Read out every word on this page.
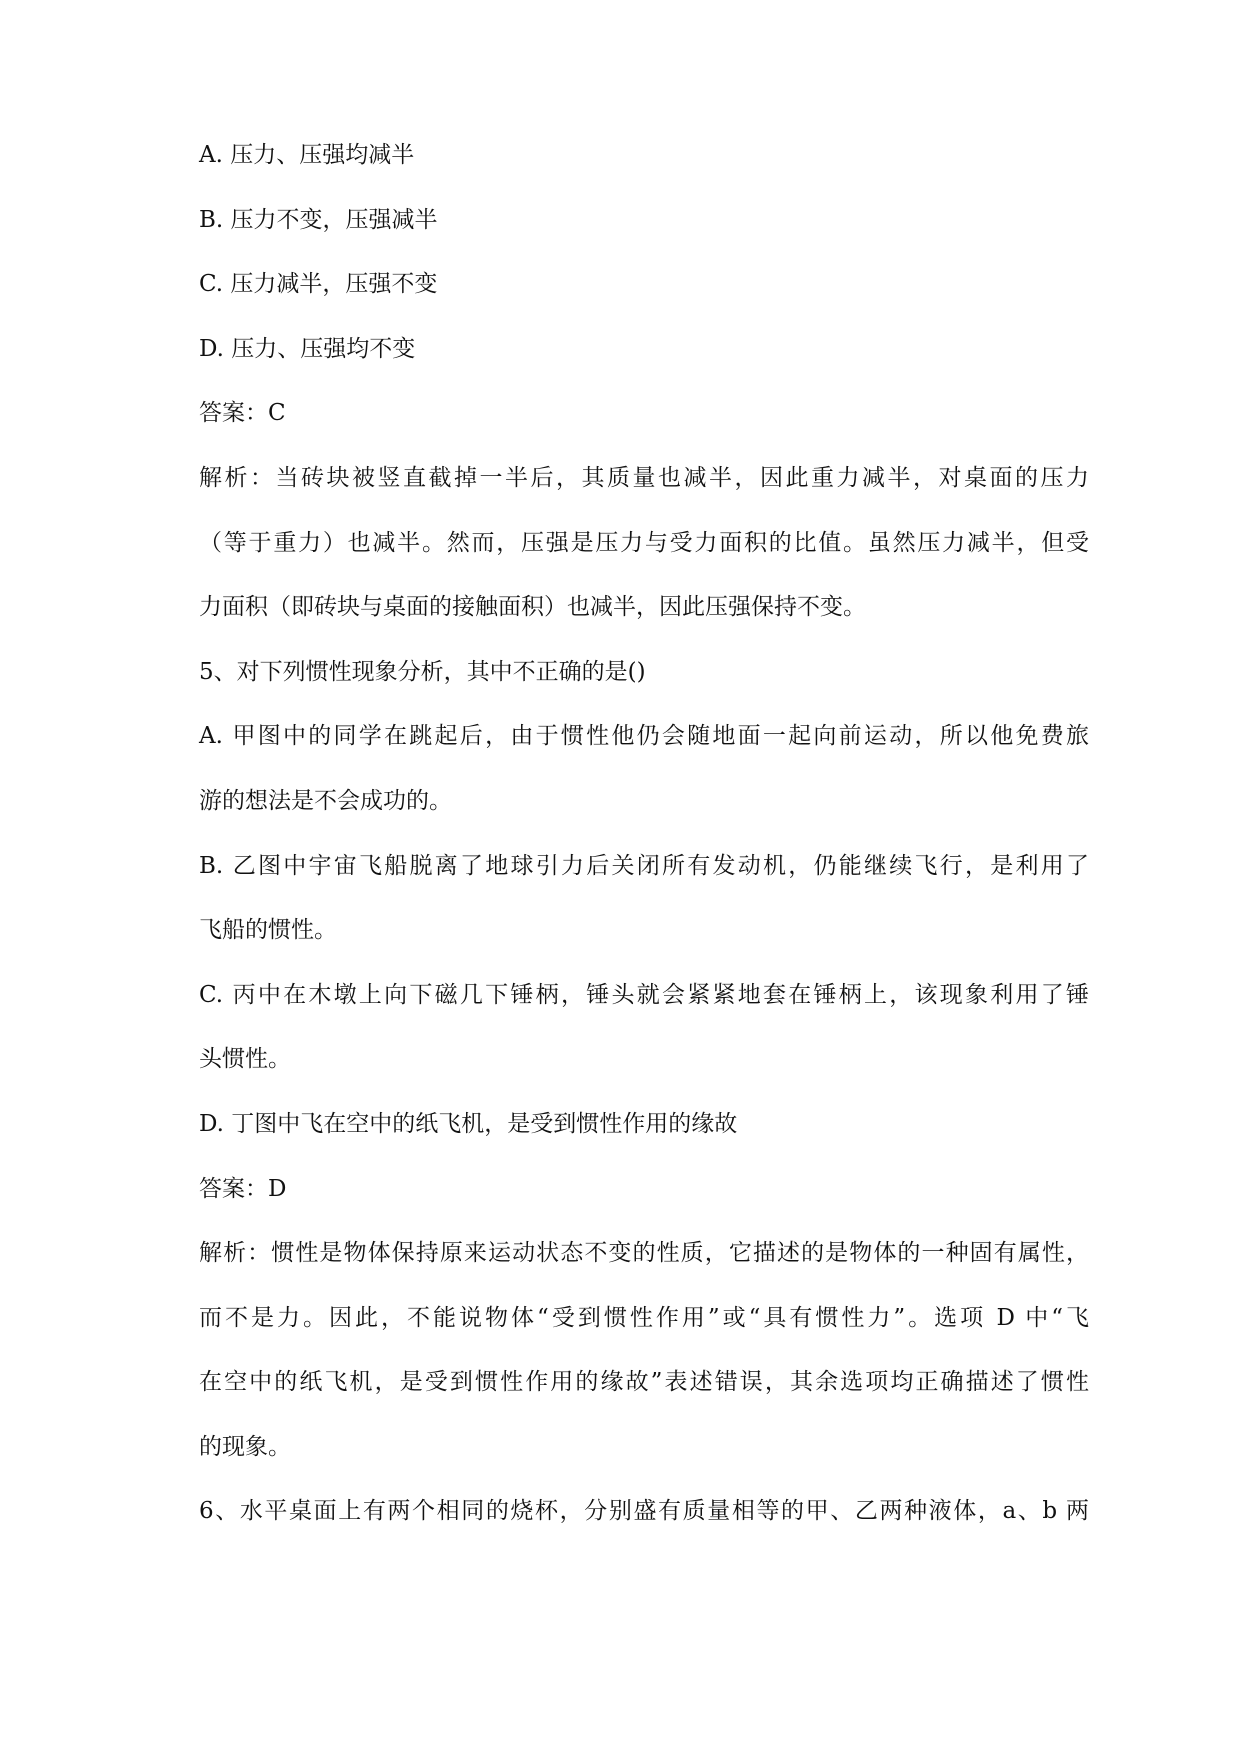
A. 压力、压强均减半
B. 压力不变，压强减半
C. 压力减半，压强不变
D. 压力、压强均不变
答案：C
解析：当砖块被竖直截掉一半后，其质量也减半，因此重力减半，对桌面的压力
（等于重力）也减半。然而，压强是压力与受力面积的比值。虽然压力减半，但受
力面积（即砖块与桌面的接触面积）也减半，因此压强保持不变。
5、对下列惯性现象分析，其中不正确的是()
A. 甲图中的同学在跳起后，由于惯性他仍会随地面一起向前运动，所以他免费旅
游的想法是不会成功的。
B. 乙图中宇宙飞船脱离了地球引力后关闭所有发动机，仍能继续飞行，是利用了
飞船的惯性。
C. 丙中在木墩上向下磁几下锤柄，锤头就会紧紧地套在锤柄上，该现象利用了锤
头惯性。
D. 丁图中飞在空中的纸飞机，是受到惯性作用的缘故
答案：D
解析：惯性是物体保持原来运动状态不变的性质，它描述的是物体的一种固有属性，
而不是力。因此，不能说物体“受到惯性作用”或“具有惯性力”。选项 D 中“飞
在空中的纸飞机，是受到惯性作用的缘故”表述错误，其余选项均正确描述了惯性
的现象。
6、水平桌面上有两个相同的烧杯，分别盛有质量相等的甲、乙两种液体，a、b 两
